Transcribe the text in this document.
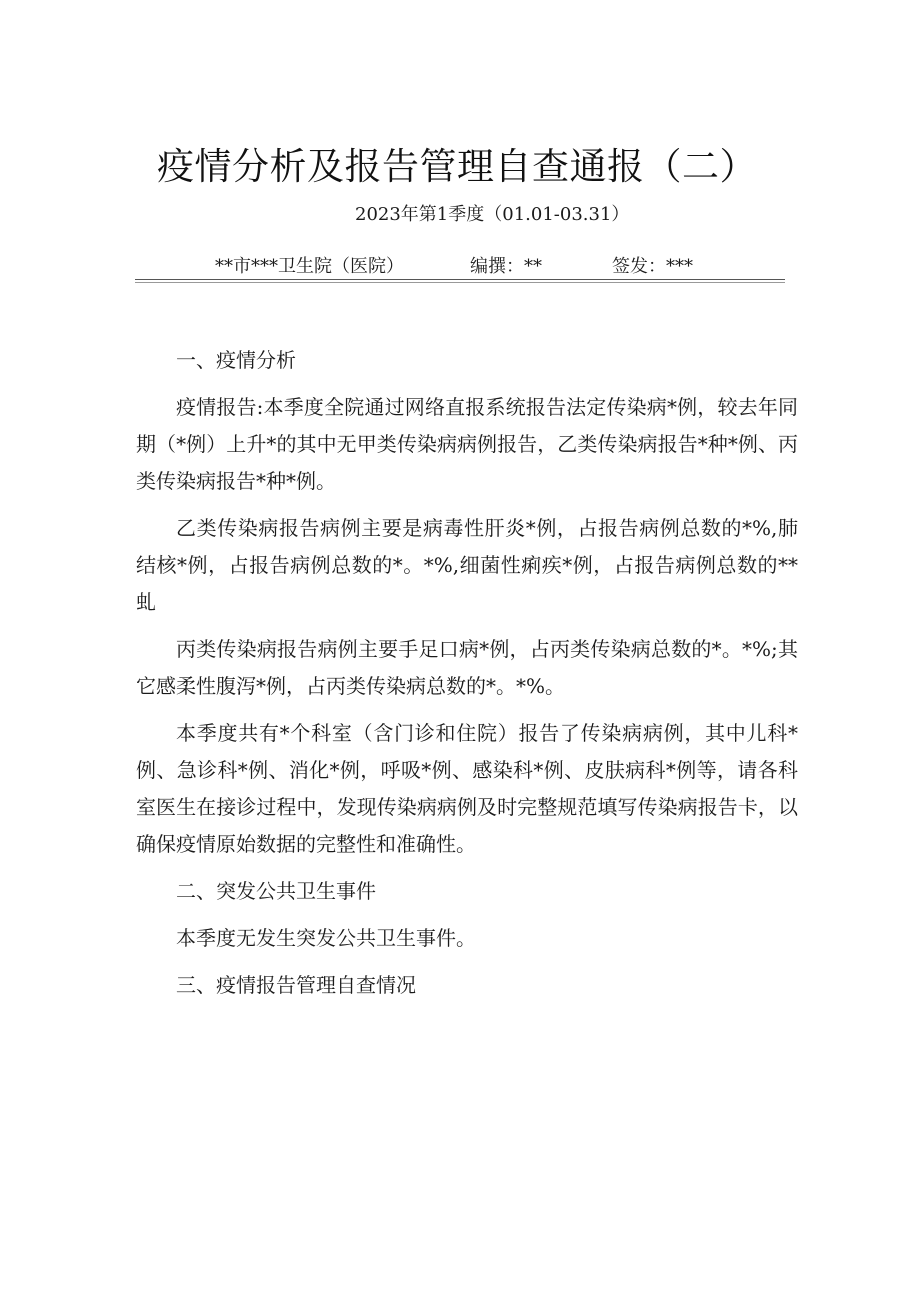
疫情分析及报告管理自查通报（二）
2023年第1季度（01.01-03.31）
**市***卫生院（医院）	编撰：**	签发：***

一、疫情分析

疫情报告:本季度全院通过网络直报系统报告法定传染病*例，较去年同期（*例）上升*的其中无甲类传染病病例报告，乙类传染病报告*种*例、丙类传染病报告*种*例。

乙类传染病报告病例主要是病毒性肝炎*例，占报告病例总数的*%,肺结核*例，占报告病例总数的*。*%,细菌性痢疾*例，占报告病例总数的**虬

丙类传染病报告病例主要手足口病*例，占丙类传染病总数的*。*%;其它感柔性腹泻*例，占丙类传染病总数的*。*%。

本季度共有*个科室（含门诊和住院）报告了传染病病例，其中儿科*例、急诊科*例、消化*例，呼吸*例、感染科*例、皮肤病科*例等，请各科室医生在接诊过程中，发现传染病病例及时完整规范填写传染病报告卡，以确保疫情原始数据的完整性和准确性。

二、突发公共卫生事件

本季度无发生突发公共卫生事件。

三、疫情报告管理自查情况
